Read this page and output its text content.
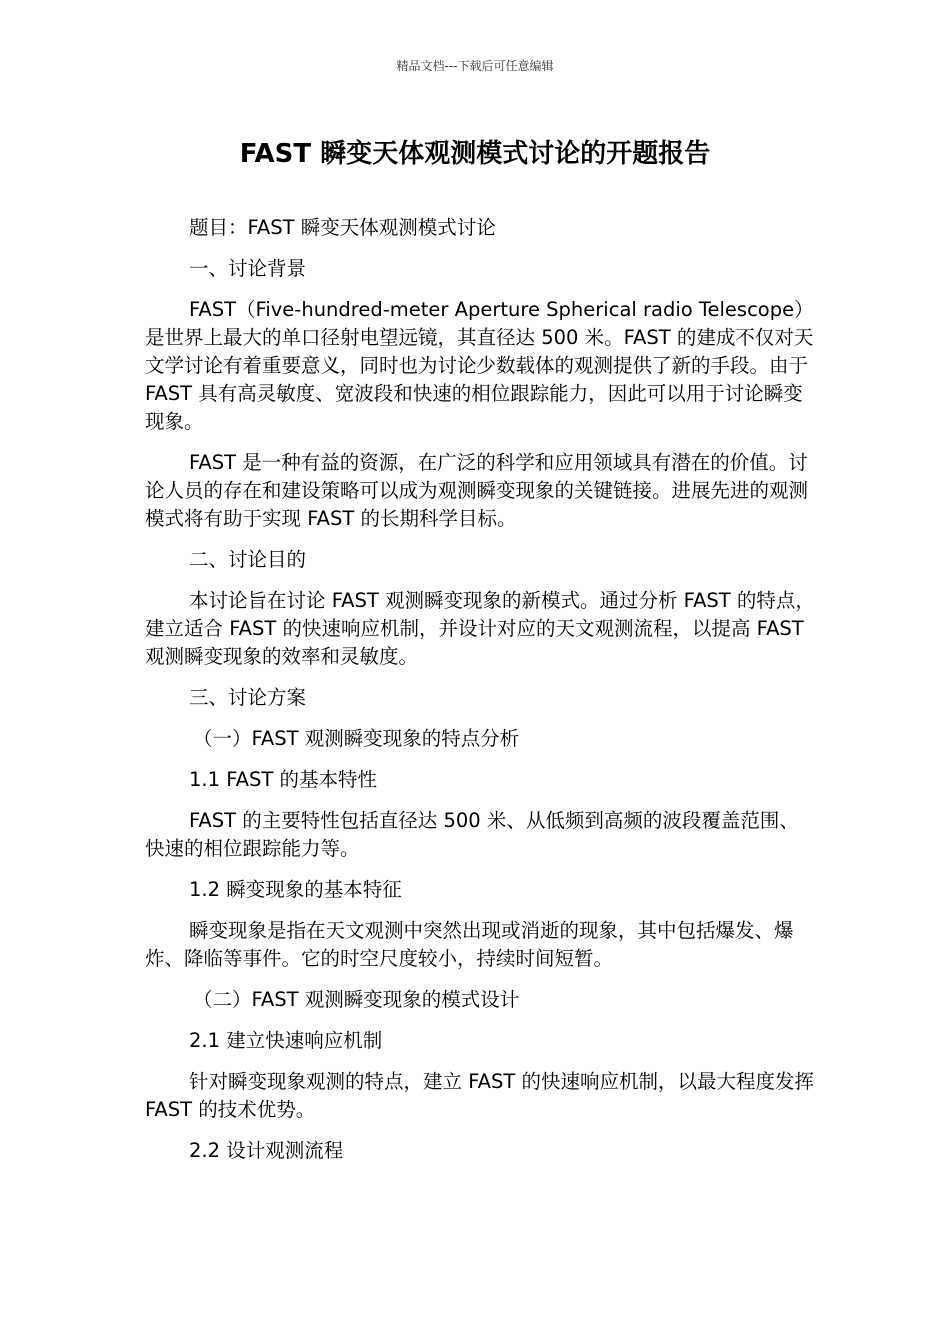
精品文档---下载后可任意编辑
FAST 瞬变天体观测模式讨论的开题报告

题目：FAST 瞬变天体观测模式讨论

一、讨论背景

FAST（Five-hundred-meter Aperture Spherical radio Telescope）是世界上最大的单口径射电望远镜，其直径达 500 米。FAST 的建成不仅对天文学讨论有着重要意义，同时也为讨论少数载体的观测提供了新的手段。由于 FAST 具有高灵敏度、宽波段和快速的相位跟踪能力，因此可以用于讨论瞬变现象。

FAST 是一种有益的资源，在广泛的科学和应用领域具有潜在的价值。讨论人员的存在和建设策略可以成为观测瞬变现象的关键链接。进展先进的观测模式将有助于实现 FAST 的长期科学目标。

二、讨论目的

本讨论旨在讨论 FAST 观测瞬变现象的新模式。通过分析 FAST 的特点，建立适合 FAST 的快速响应机制，并设计对应的天文观测流程，以提高 FAST 观测瞬变现象的效率和灵敏度。

三、讨论方案

（一）FAST 观测瞬变现象的特点分析

1.1 FAST 的基本特性

FAST 的主要特性包括直径达 500 米、从低频到高频的波段覆盖范围、快速的相位跟踪能力等。

1.2 瞬变现象的基本特征

瞬变现象是指在天文观测中突然出现或消逝的现象，其中包括爆发、爆炸、降临等事件。它的时空尺度较小，持续时间短暂。

（二）FAST 观测瞬变现象的模式设计

2.1 建立快速响应机制

针对瞬变现象观测的特点，建立 FAST 的快速响应机制，以最大程度发挥 FAST 的技术优势。

2.2 设计观测流程
